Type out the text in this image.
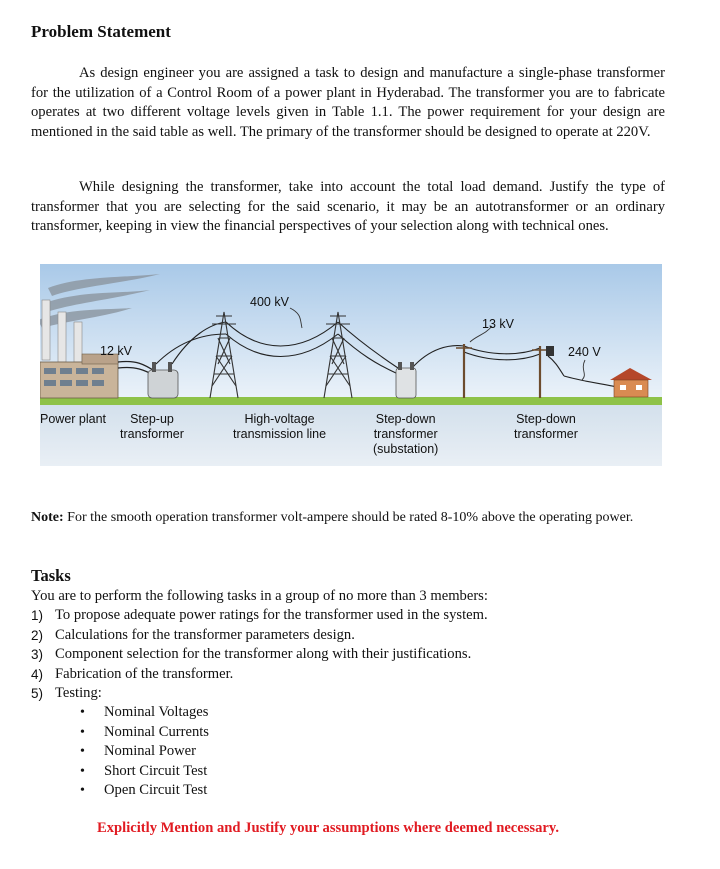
Problem Statement

As design engineer you are assigned a task to design and manufacture a single-phase transformer for the utilization of a Control Room of a power plant in Hyderabad. The transformer you are to fabricate operates at two different voltage levels given in Table 1.1. The power requirement for your design are mentioned in the said table as well. The primary of the transformer should be designed to operate at 220V.

While designing the transformer, take into account the total load demand. Justify the type of transformer that you are selecting for the said scenario, it may be an autotransformer or an ordinary transformer, keeping in view the financial perspectives of your selection along with technical ones.

400 kV
13 kV
12 kV	240 V
Power plant	Step-up
transformer
High-voltage
transmission line
Step-down
transformer
(substation)
Step-down
transformer

Note: For the smooth operation transformer volt-ampere should be rated 8-10% above the operating power.

Tasks

You are to perform the following tasks in a group of no more than 3 members:

1) To propose adequate power ratings for the transformer used in the system.
2) Calculations for the transformer parameters design.
3) Component selection for the transformer along with their justifications.
4) Fabrication of the transformer.
5) Testing:
• Nominal Voltages
• Nominal Currents
• Nominal Power
• Short Circuit Test
• Open Circuit Test

Explicitly Mention and Justify your assumptions where deemed necessary.
